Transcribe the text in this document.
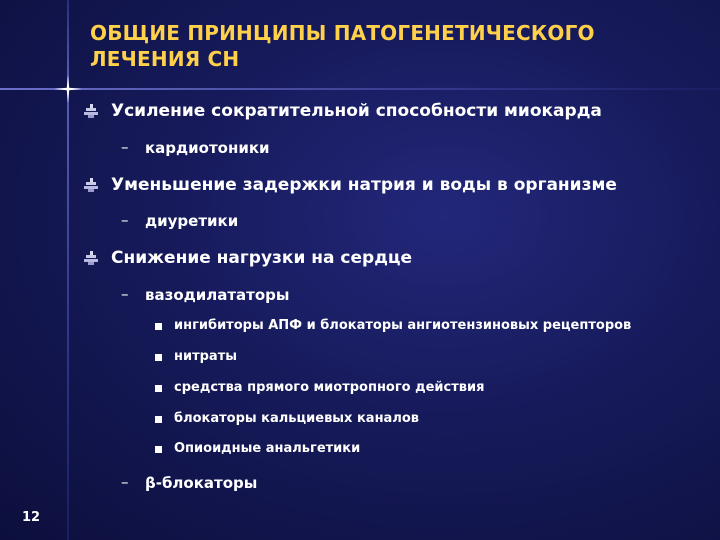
ОБЩИЕ ПРИНЦИПЫ ПАТОГЕНЕТИЧЕСКОГО ЛЕЧЕНИЯ СН
Усиление сократительной способности миокарда
– кардиотоники
Уменьшение задержки натрия и воды в организме
– диуретики
Снижение нагрузки на сердце
– вазодилататоры
ингибиторы АПФ и блокаторы ангиотензиновых рецепторов
нитраты
средства прямого миотропного действия
блокаторы кальциевых каналов
Опиоидные анальгетики
– β-блокаторы
12
